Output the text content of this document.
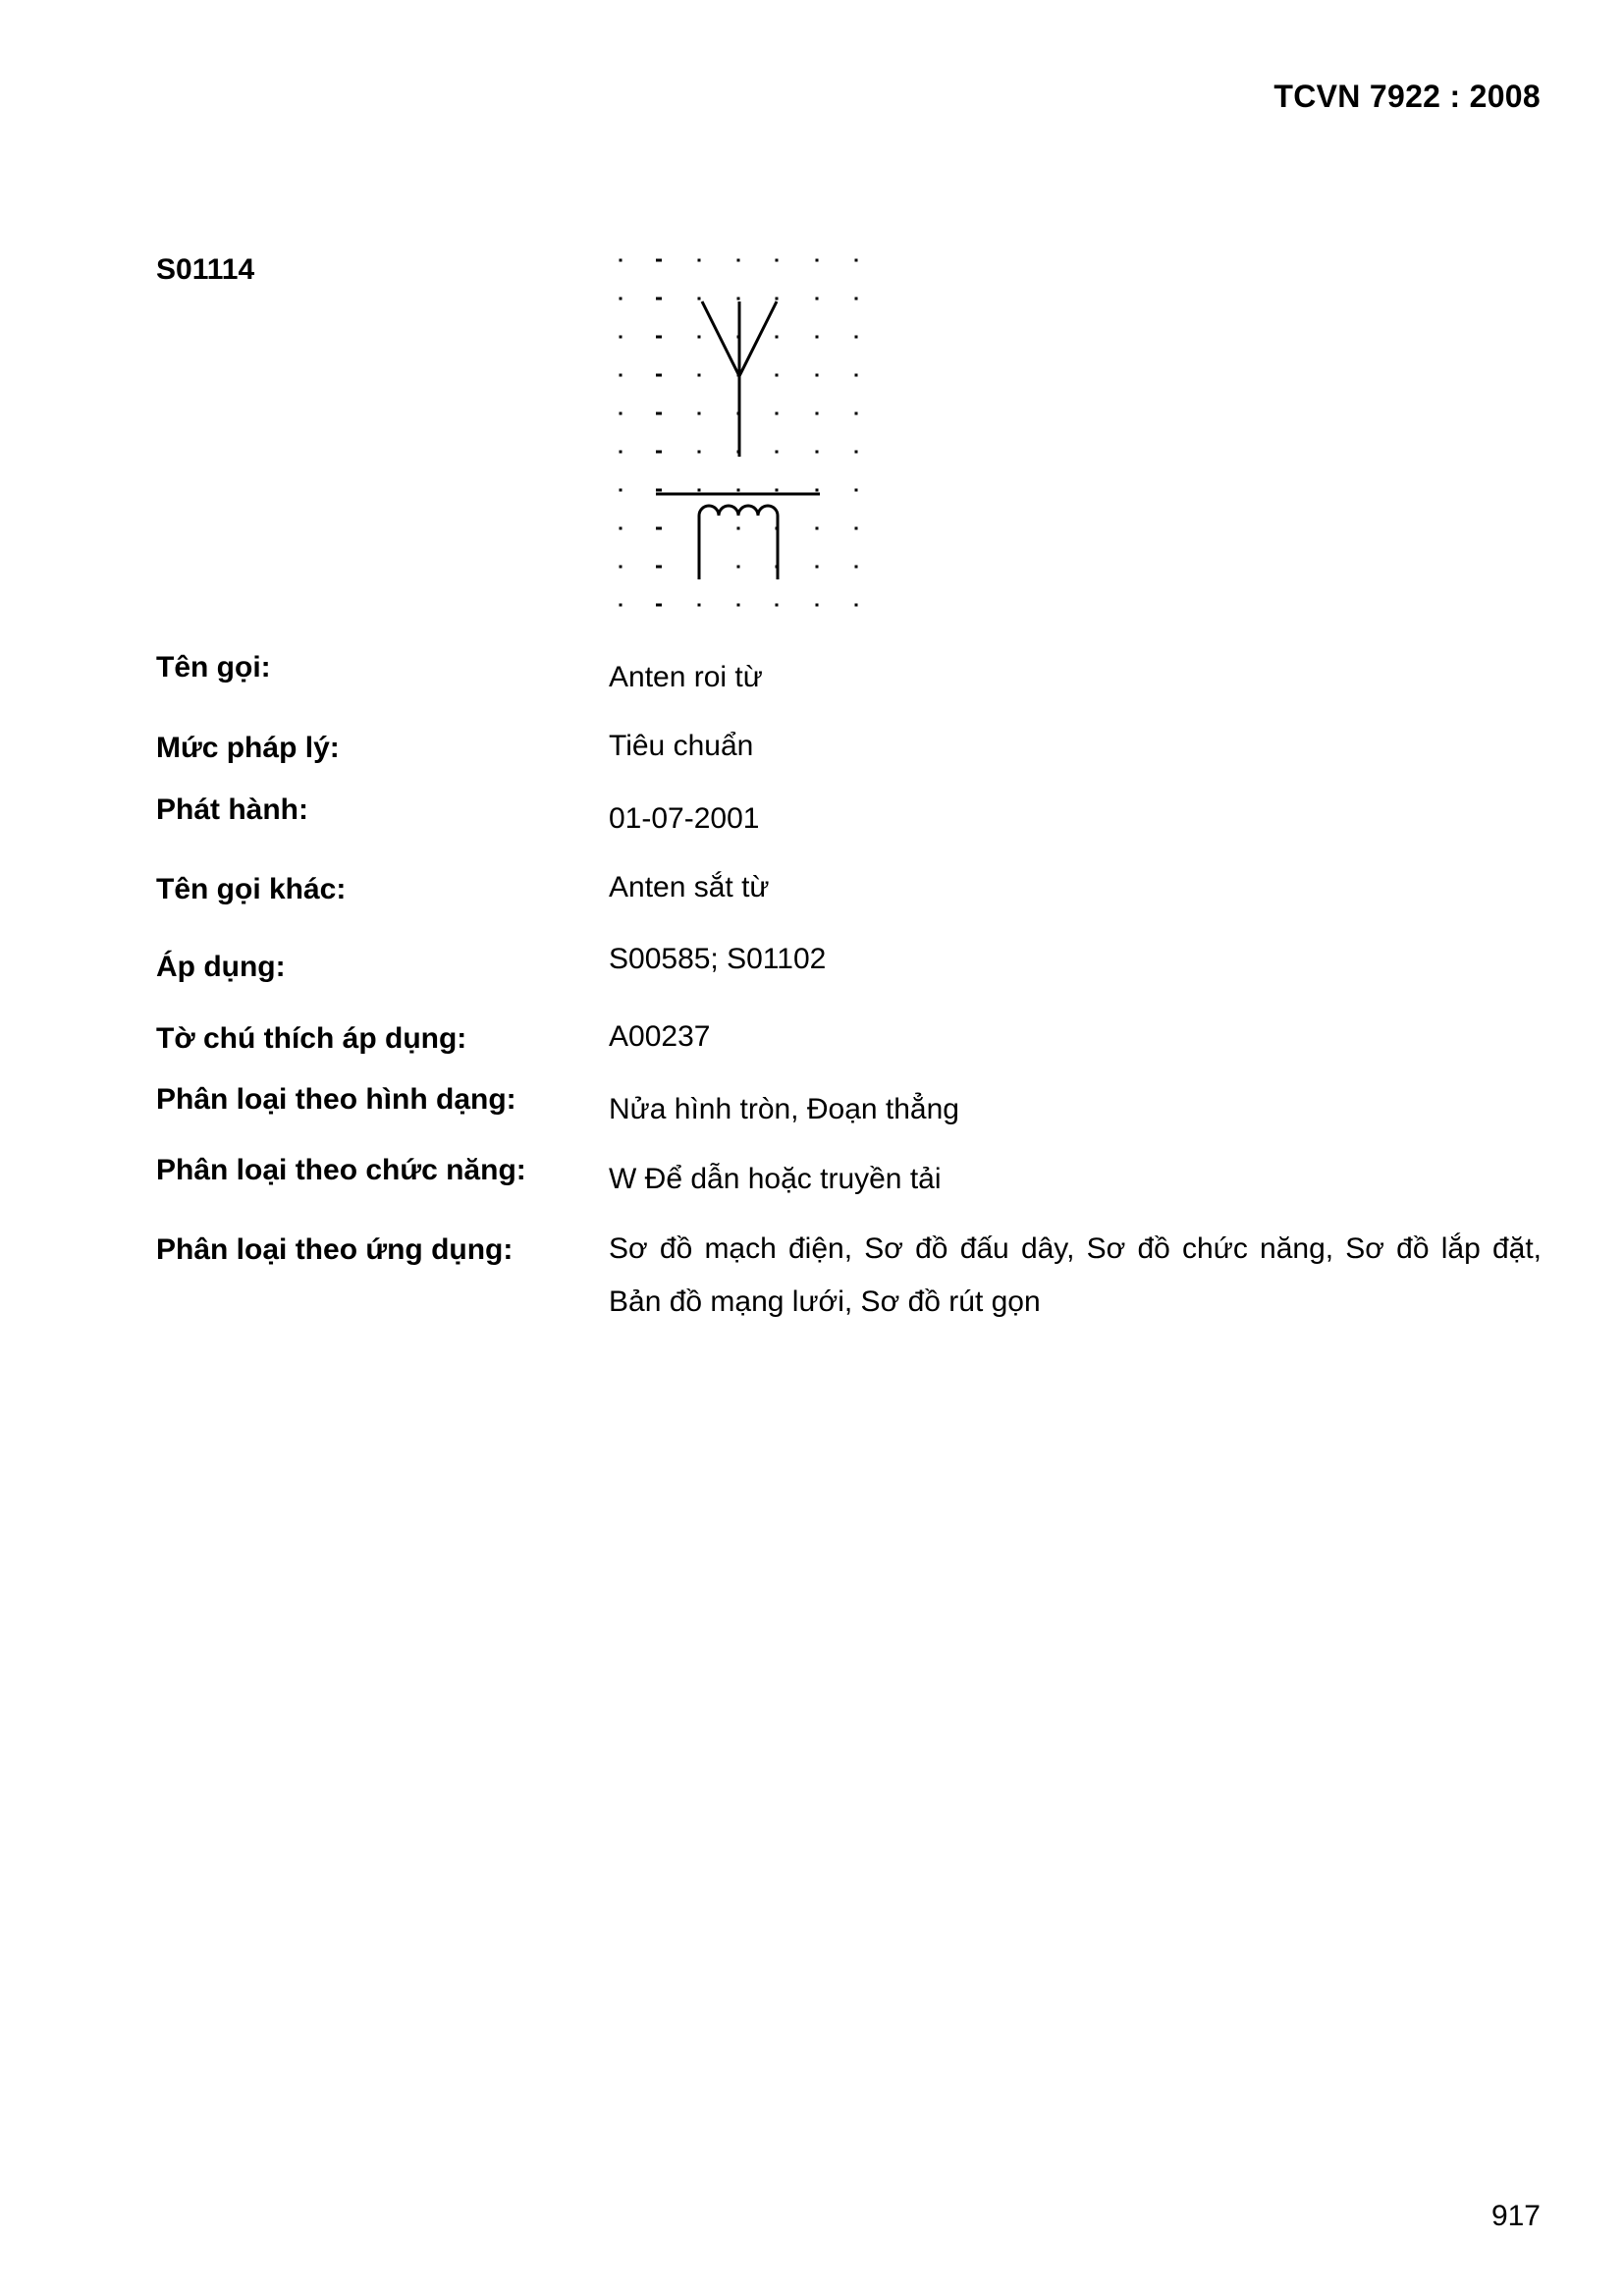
TCVN 7922 : 2008
S01114
Tên gọi:	Anten roi từ
Mức pháp lý:	Tiêu chuẩn
Phát hành:	01-07-2001
Tên gọi khác:	Anten sắt từ
Áp dụng:	S00585; S01102
Tờ chú thích áp dụng:	A00237
Phân loại theo hình dạng:	Nửa hình tròn, Đoạn thẳng
Phân loại theo chức năng:	W Để dẫn hoặc truyền tải
Phân loại theo ứng dụng:	Sơ đồ mạch điện, Sơ đồ đấu dây, Sơ đồ chức năng, Sơ đồ lắp đặt, Bản đồ mạng lưới, Sơ đồ rút gọn
917
